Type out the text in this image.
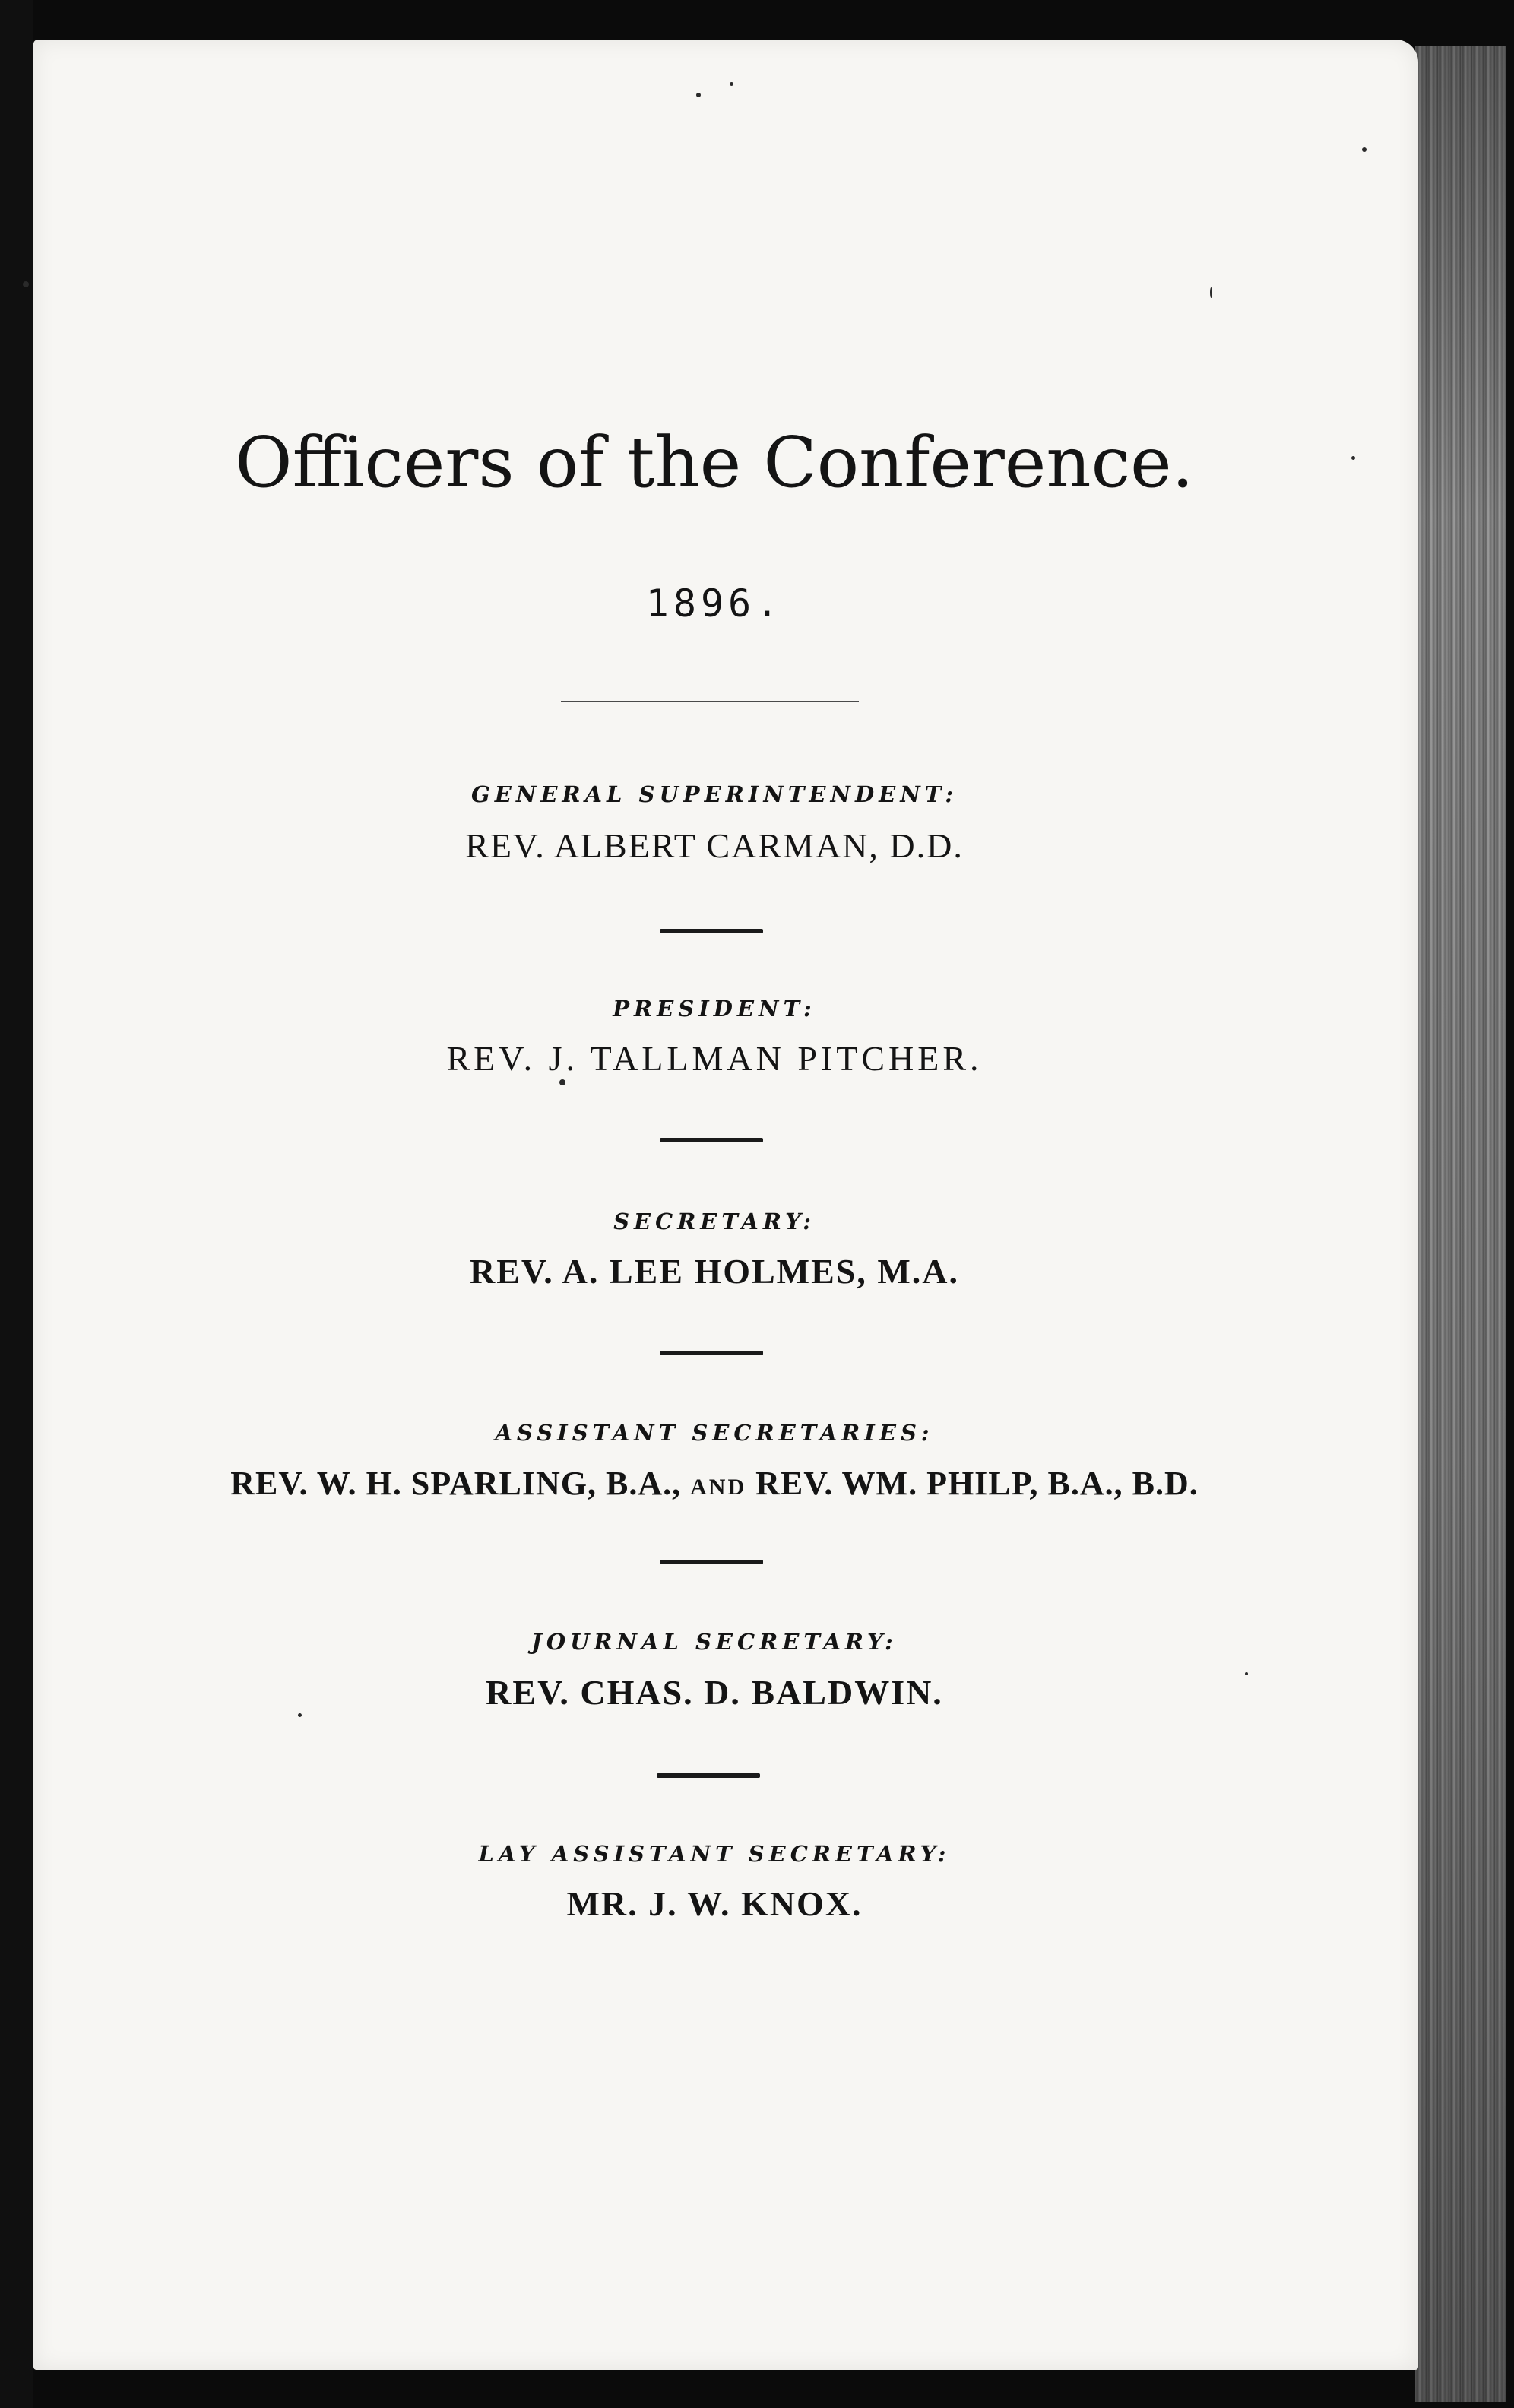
Officers of the Conference.
1896.
GENERAL SUPERINTENDENT:
REV. ALBERT CARMAN, D.D.
PRESIDENT:
REV. J. TALLMAN PITCHER.
SECRETARY:
REV. A. LEE HOLMES, M.A.
ASSISTANT SECRETARIES:
REV. W. H. SPARLING, B.A., AND REV. WM. PHILP, B.A., B.D.
JOURNAL SECRETARY:
REV. CHAS. D. BALDWIN.
LAY ASSISTANT SECRETARY:
MR. J. W. KNOX.
